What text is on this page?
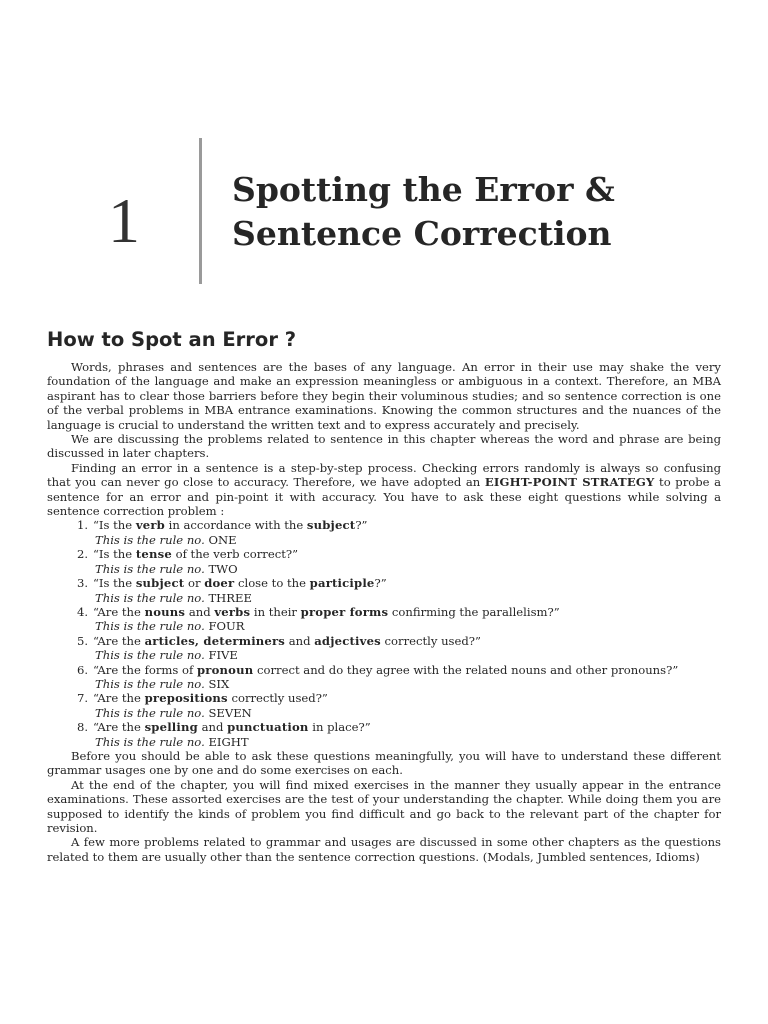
1	Spotting the Error &
Sentence Correction
How to Spot an Error ?

Words, phrases and sentences are the bases of any language. An error in their use may shake the very foundation of the language and make an expression meaningless or ambiguous in a context. Therefore, an MBA aspirant has to clear those barriers before they begin their voluminous studies; and so sentence correction is one of the verbal problems in MBA entrance examinations. Knowing the common structures and the nuances of the language is crucial to understand the written text and to express accurately and precisely.

We are discussing the problems related to sentence in this chapter whereas the word and phrase are being discussed in later chapters.

Finding an error in a sentence is a step-by-step process. Checking errors randomly is always so confusing that you can never go close to accuracy. Therefore, we have adopted an EIGHT-POINT STRATEGY to probe a sentence for an error and pin-point it with accuracy. You have to ask these eight questions while solving a sentence correction problem :

1. “Is the verb in accordance with the subject?”
This is the rule no. ONE
2. “Is the tense of the verb correct?”
This is the rule no. TWO
3. “Is the subject or doer close to the participle?”
This is the rule no. THREE
4. “Are the nouns and verbs in their proper forms confirming the parallelism?”
This is the rule no. FOUR
5. “Are the articles, determiners and adjectives correctly used?”
This is the rule no. FIVE
6. “Are the forms of pronoun correct and do they agree with the related nouns and other pronouns?”
This is the rule no. SIX
7. “Are the prepositions correctly used?”
This is the rule no. SEVEN
8. “Are the spelling and punctuation in place?”
This is the rule no. EIGHT

Before you should be able to ask these questions meaningfully, you will have to understand these different grammar usages one by one and do some exercises on each.

At the end of the chapter, you will find mixed exercises in the manner they usually appear in the entrance examinations. These assorted exercises are the test of your understanding the chapter. While doing them you are supposed to identify the kinds of problem you find difficult and go back to the relevant part of the chapter for revision.

A few more problems related to grammar and usages are discussed in some other chapters as the questions related to them are usually other than the sentence correction questions. (Modals, Jumbled sentences, Idioms)
